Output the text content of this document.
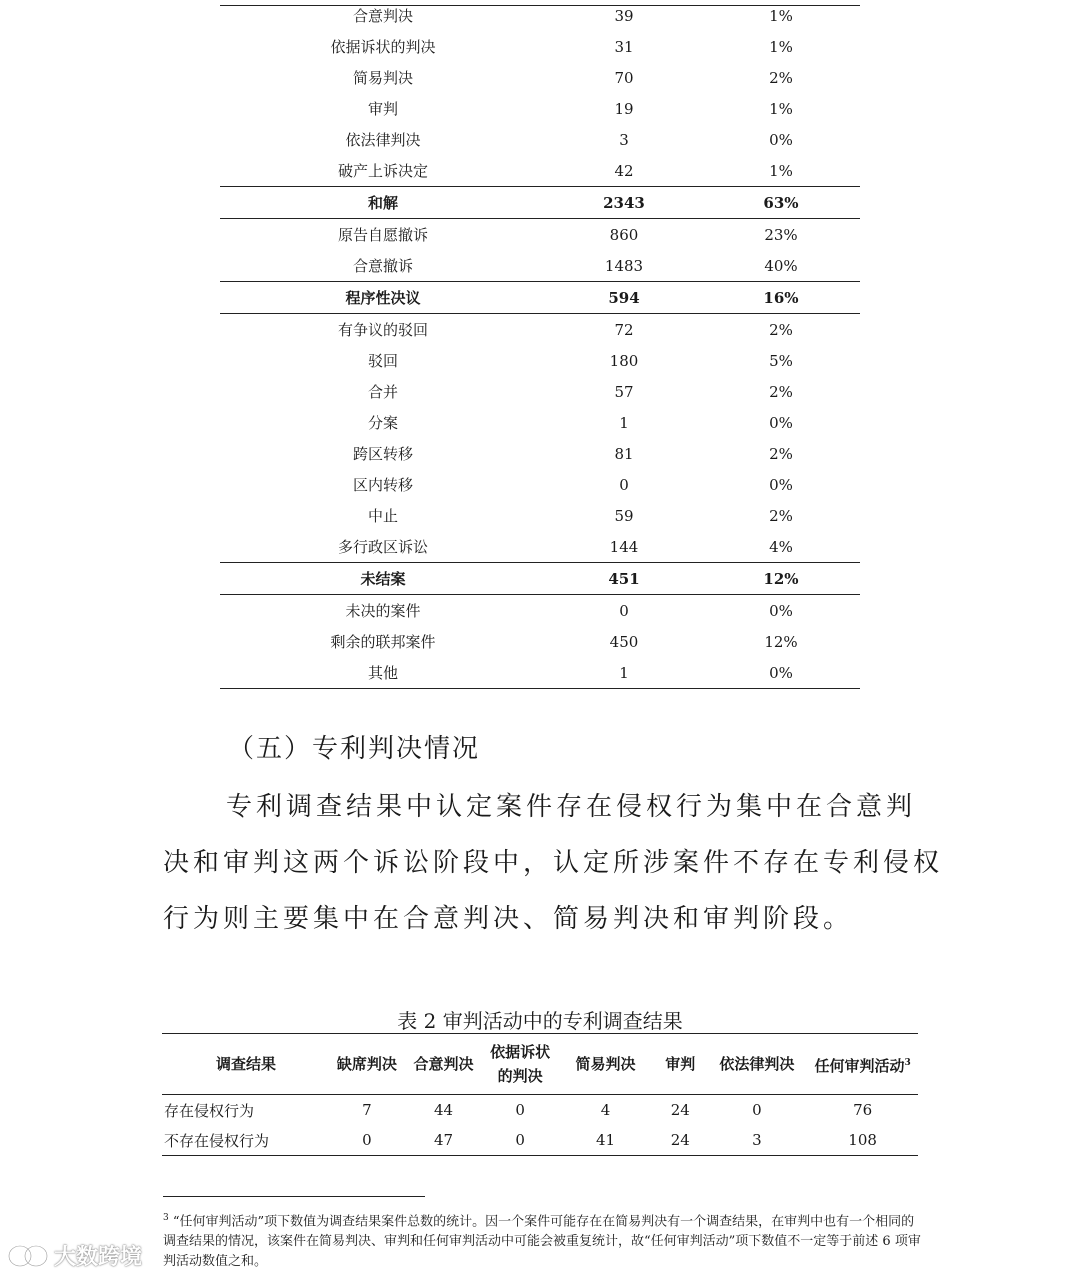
合意判决	39	1%
依据诉状的判决	31	1%
简易判决	70	2%
审判	19	1%
依法律判决	3	0%
破产上诉决定	42	1%
和解	2343	63%
原告自愿撤诉	860	23%
合意撤诉	1483	40%
程序性决议	594	16%
有争议的驳回	72	2%
驳回	180	5%
合并	57	2%
分案	1	0%
跨区转移	81	2%
区内转移	0	0%
中止	59	2%
多行政区诉讼	144	4%
未结案	451	12%
未决的案件	0	0%
剩余的联邦案件	450	12%
其他	1	0%
（五）专利判决情况
专利调查结果中认定案件存在侵权行为集中在合意判
决和审判这两个诉讼阶段中，认定所涉案件不存在专利侵权
行为则主要集中在合意判决、简易判决和审判阶段。
表 2 审判活动中的专利调查结果
调查结果	缺席判决	合意判决	依据诉状
的判决	简易判决	审判	依法律判决	任何审判活动$^3$
存在侵权行为	7	44	0	4	24	0	76
不存在侵权行为	0	47	0	41	24	3	108
$^3$ “任何审判活动”项下数值为调查结果案件总数的统计。因一个案件可能存在在简易判决有一个调查结果，在审判中也有一个相同的调查结果的情况，该案件在简易判决、审判和任何审判活动中可能会被重复统计，故“任何审判活动”项下数值不一定等于前述 6 项审判活动数值之和。
大数跨境
